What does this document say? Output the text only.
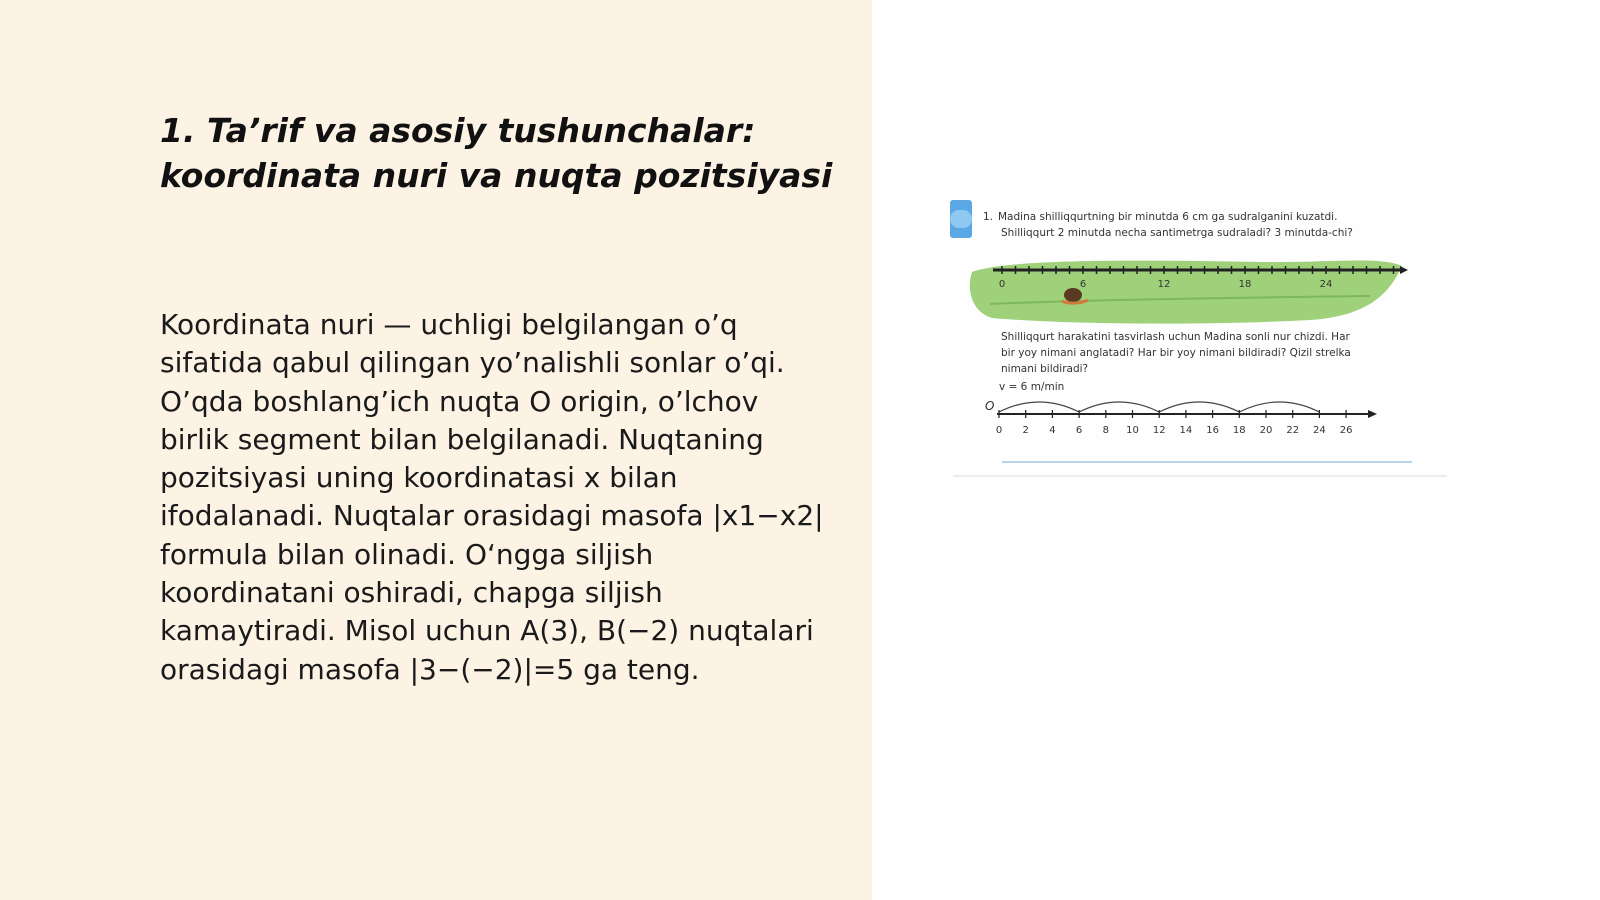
1. Ta’rif va asosiy tushunchalar:
koordinata nuri va nuqta pozitsiyasi

Koordinata nuri — uchligi belgilangan o’q sifatida qabul qilingan yo’nalishli sonlar o’qi. O’qda boshlang’ich nuqta O origin, o’lchov birlik segment bilan belgilanadi. Nuqtaning pozitsiyasi uning koordinatasi x bilan ifodalanadi. Nuqtalar orasidagi masofa |x1−x2| formula bilan olinadi. O‘ngga siljish koordinatani oshiradi, chapga siljish kamaytiradi. Misol uchun A(3), B(−2) nuqtalari orasidagi masofa |3−(−2)|=5 ga teng.

1. Madina shilliqqurtning bir minutda 6 cm ga sudralganini kuzatdi.
Shilliqqurt 2 minutda necha santimetrga sudraladi? 3 minutda-chi?
0	6	12	18	24
Shilliqqurt harakatini tasvirlash uchun Madina sonli nur chizdi. Har
bir yoy nimani anglatadi? Har bir yoy nimani bildiradi? Qizil strelka
nimani bildiradi?
v = 6 m/min
O
0 2 4 6 8 10 12 14 16 18 20 22 24 26
